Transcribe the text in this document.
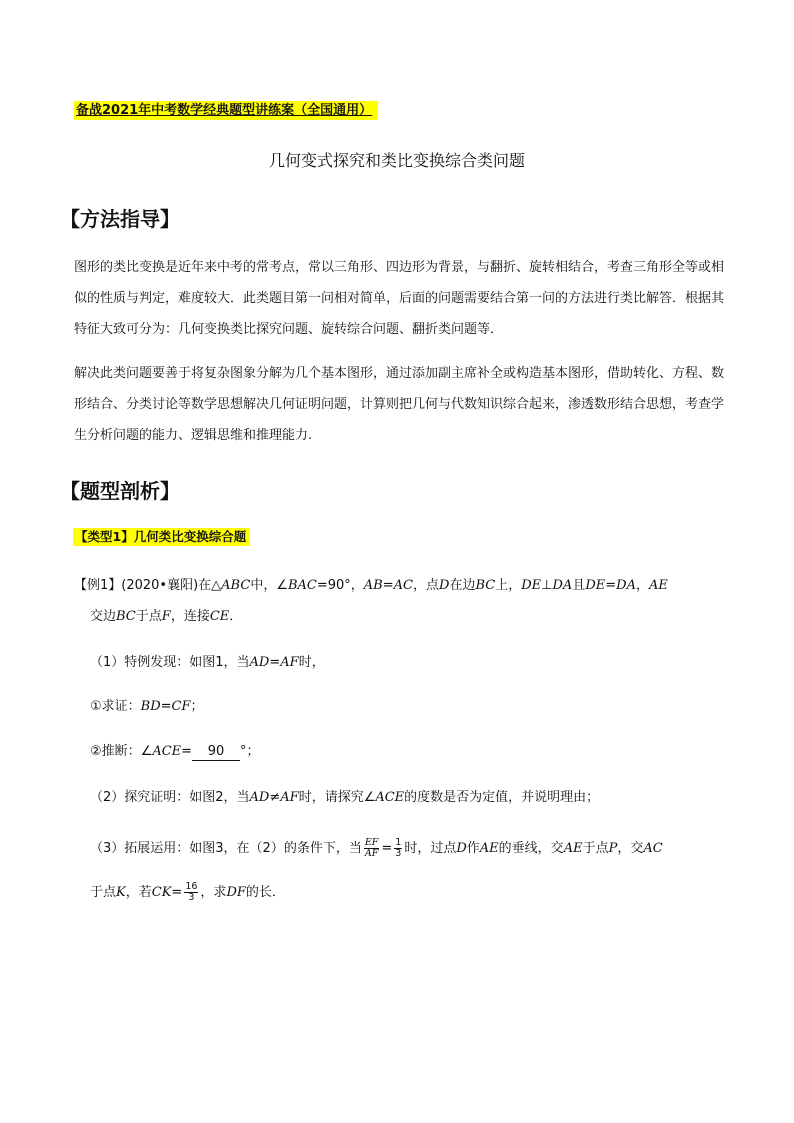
备战2021年中考数学经典题型讲练案（全国通用）
几何变式探究和类比变换综合类问题
【方法指导】
图形的类比变换是近年来中考的常考点，常以三角形、四边形为背景，与翻折、旋转相结合，考查三角形全等或相似的性质与判定，难度较大．此类题目第一问相对简单，后面的问题需要结合第一问的方法进行类比解答．根据其特征大致可分为：几何变换类比探究问题、旋转综合问题、翻折类问题等．
解决此类问题要善于将复杂图象分解为几个基本图形，通过添加副主席补全或构造基本图形，借助转化、方程、数形结合、分类讨论等数学思想解决几何证明问题，计算则把几何与代数知识综合起来，渗透数形结合思想，考查学生分析问题的能力、逻辑思维和推理能力.
【题型剖析】
【类型1】几何类比变换综合题
【例1】(2020•襄阳)在△ABC中，∠BAC=90°，AB=AC，点D在边BC上，DE⊥DA且DE=DA，AE
交边BC于点F，连接CE．
（1）特例发现：如图1，当AD=AF时，
①求证：BD=CF；
②推断：∠ACE= 90 °；
（2）探究证明：如图2，当AD≠AF时，请探究∠ACE的度数是否为定值，并说明理由；
（3）拓展运用：如图3，在（2）的条件下，当 $\frac{EF}{AF} = \frac{1}{3}$ 时，过点D作AE的垂线，交AE于点P，交AC
于点K，若$CK= \frac{16}{3}$ ，求DF的长．
